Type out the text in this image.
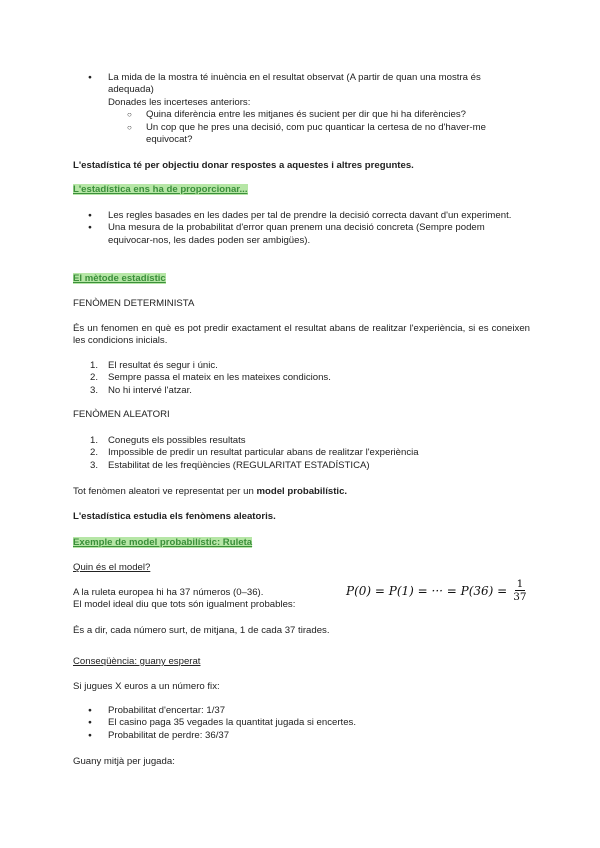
● La mida de la mostra té inuència en el resultat observat (A partir de quan una mostra és
adequada)
Donades les incerteses anteriors:
○ Quina diferència entre les mitjanes és sucient per dir que hi ha diferències?
○ Un cop que he pres una decisió, com puc quanticar la certesa de no d'haver-me
equivocat?
L'estadística té per objectiu donar respostes a aquestes i altres preguntes.
L'estadística ens ha de proporcionar...
● Les regles basades en les dades per tal de prendre la decisió correcta davant d'un experiment.
● Una mesura de la probabilitat d'error quan prenem una decisió concreta (Sempre podem equivocar-nos, les dades poden ser ambigües).
El mètode estadístic
FENÒMEN DETERMINISTA
És un fenomen en què es pot predir exactament el resultat abans de realitzar l'experiència, si es coneixen les condicions inicials.
1. El resultat és segur i únic.
2. Sempre passa el mateix en les mateixes condicions.
3. No hi intervé l'atzar.
FENÒMEN ALEATORI
1. Coneguts els possibles resultats
2. Impossible de predir un resultat particular abans de realitzar l'experiència
3. Estabilitat de les freqüències (REGULARITAT ESTADÍSTICA)
Tot fenòmen aleatori ve representat per un model probabilístic.
L'estadística estudia els fenòmens aleatoris.
Exemple de model probabilístic: Ruleta
Quin és el model?
A la ruleta europea hi ha 37 números (0–36).
El model ideal diu que tots són igualment probables:
P(0) = P(1) = ··· = $P(36) = \frac{1}{37}$
És a dir, cada número surt, de mitjana, 1 de cada 37 tirades.
Conseqüència: guany esperat
Si jugues X euros a un número fix:
● Probabilitat d'encertar: 1/37
● El casino paga 35 vegades la quantitat jugada si encertes.
● Probabilitat de perdre: 36/37
Guany mitjà per jugada:
